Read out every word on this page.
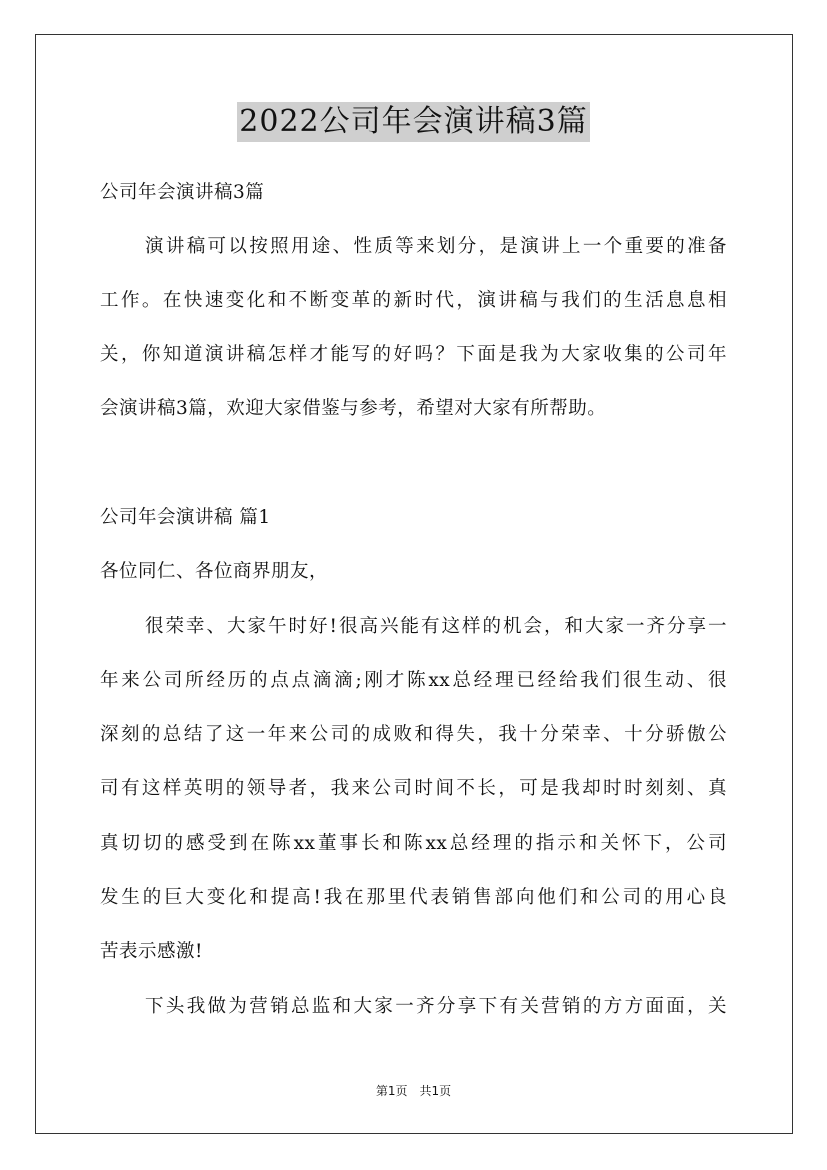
2022公司年会演讲稿3篇
公司年会演讲稿3篇
演讲稿可以按照用途、性质等来划分，是演讲上一个重要的准备
工作。在快速变化和不断变革的新时代，演讲稿与我们的生活息息相
关，你知道演讲稿怎样才能写的好吗？下面是我为大家收集的公司年
会演讲稿3篇，欢迎大家借鉴与参考，希望对大家有所帮助。
公司年会演讲稿 篇1
各位同仁、各位商界朋友，
很荣幸、大家午时好!很高兴能有这样的机会，和大家一齐分享一
年来公司所经历的点点滴滴;刚才陈xx总经理已经给我们很生动、很
深刻的总结了这一年来公司的成败和得失，我十分荣幸、十分骄傲公
司有这样英明的领导者，我来公司时间不长，可是我却时时刻刻、真
真切切的感受到在陈xx董事长和陈xx总经理的指示和关怀下，公司
发生的巨大变化和提高!我在那里代表销售部向他们和公司的用心良
苦表示感激!
下头我做为营销总监和大家一齐分享下有关营销的方方面面，关
第1页　共1页
